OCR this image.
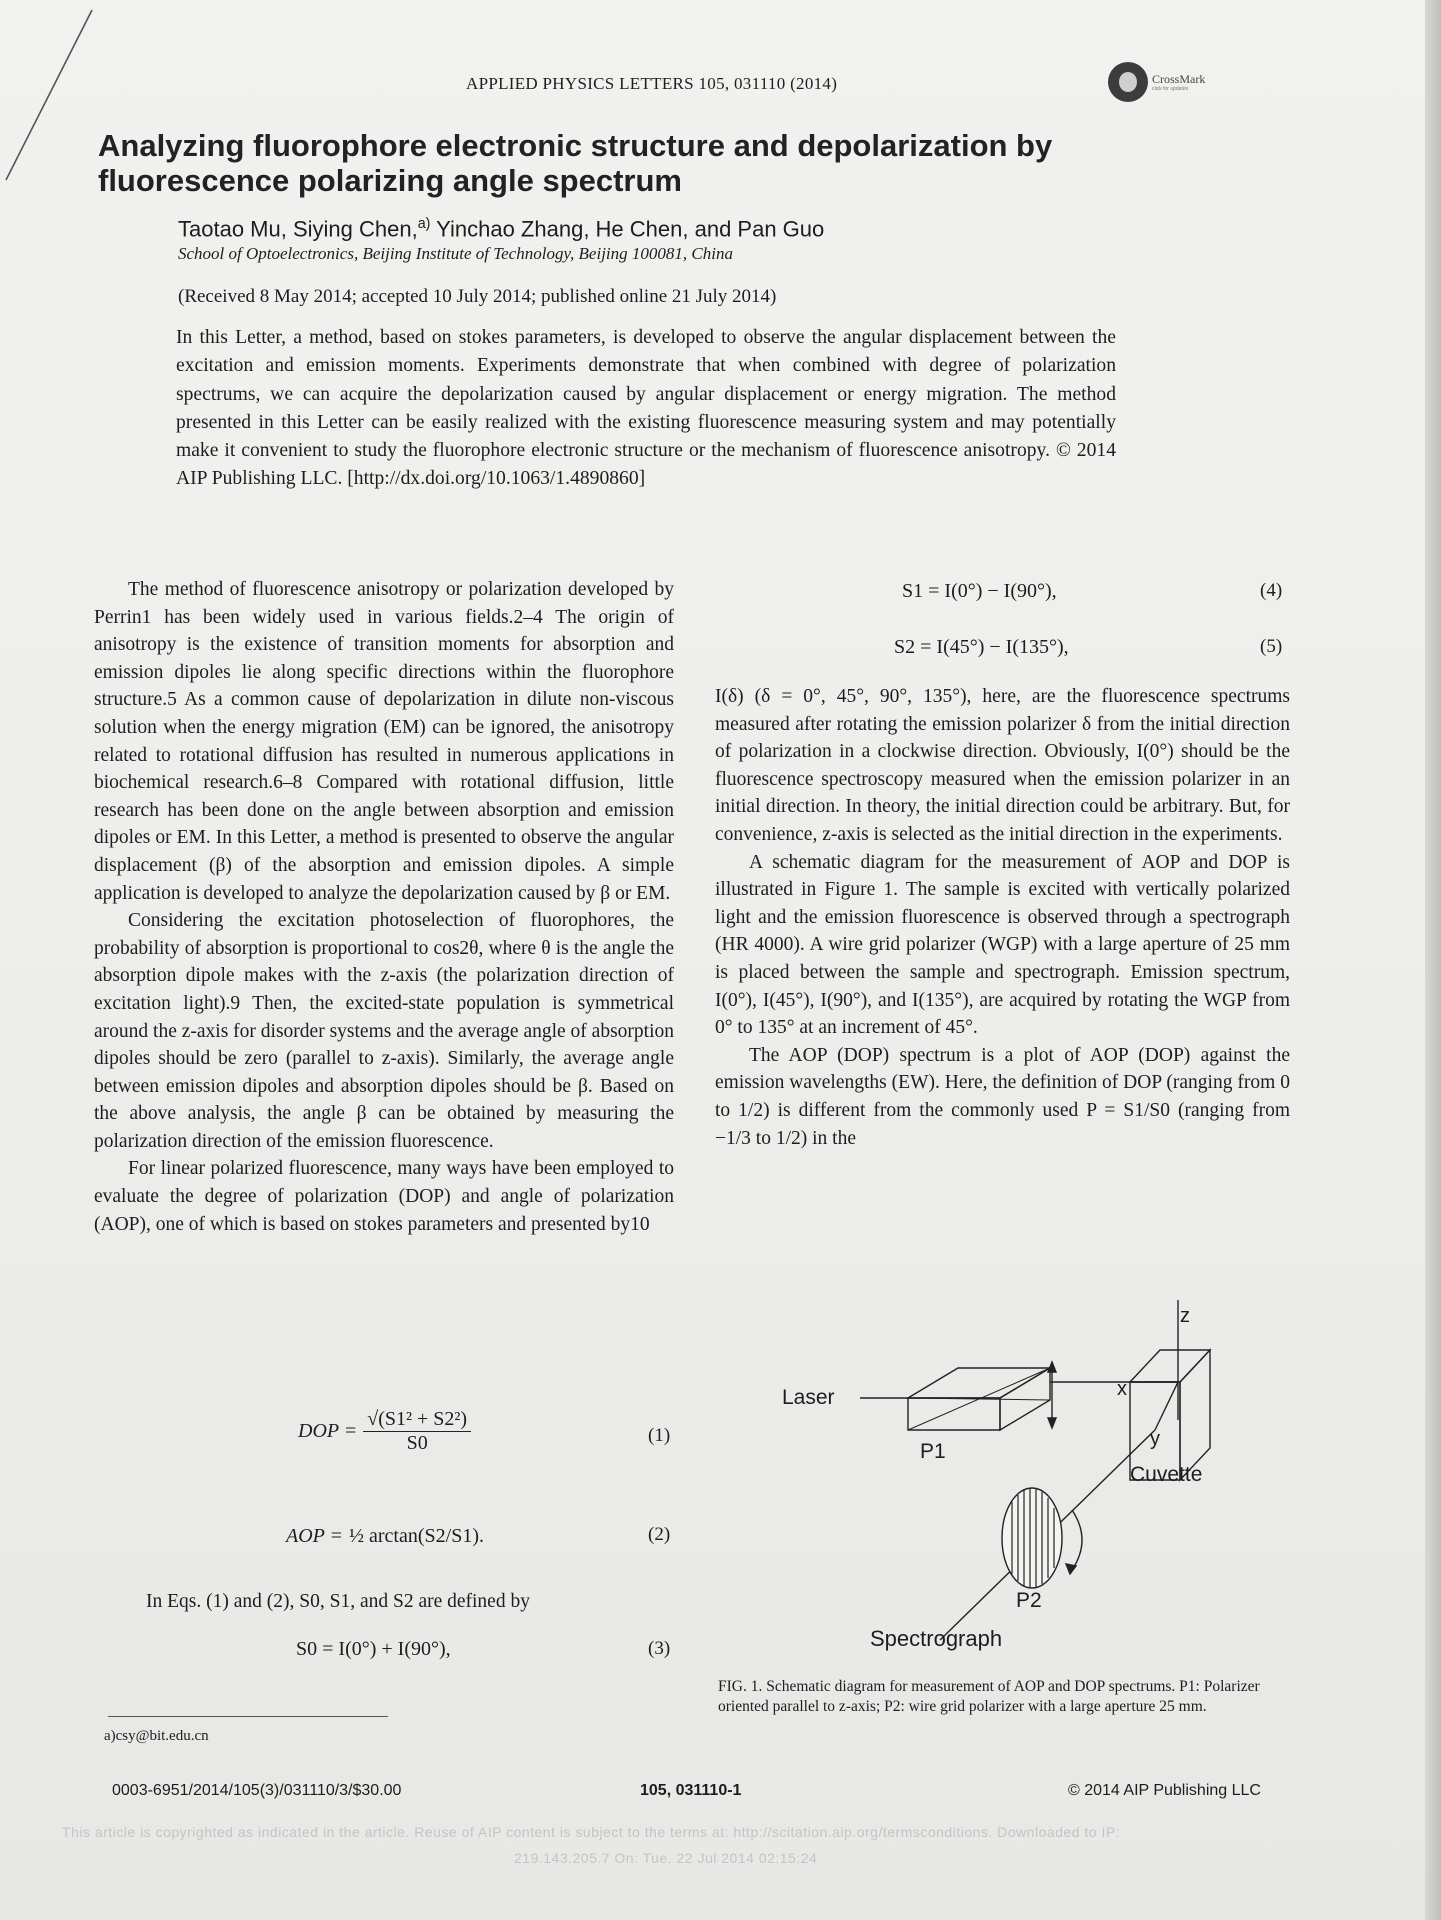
APPLIED PHYSICS LETTERS 105, 031110 (2014)	CrossMark
click for updates
Analyzing fluorophore electronic structure and depolarization by fluorescence polarizing angle spectrum
Taotao Mu, Siying Chen,$^{a)}$ Yinchao Zhang, He Chen, and Pan Guo
School of Optoelectronics, Beijing Institute of Technology, Beijing 100081, China
(Received 8 May 2014; accepted 10 July 2014; published online 21 July 2014)
In this Letter, a method, based on stokes parameters, is developed to observe the angular displacement between the excitation and emission moments. Experiments demonstrate that when combined with degree of polarization spectrums, we can acquire the depolarization caused by angular displacement or energy migration. The method presented in this Letter can be easily realized with the existing fluorescence measuring system and may potentially make it convenient to study the fluorophore electronic structure or the mechanism of fluorescence anisotropy. © 2014 AIP Publishing LLC. [http://dx.doi.org/10.1063/1.4890860]

The method of fluorescence anisotropy or polarization developed by Perrin1 has been widely used in various fields.2–4 The origin of anisotropy is the existence of transition moments for absorption and emission dipoles lie along specific directions within the fluorophore structure.5 As a common cause of depolarization in dilute non-viscous solution when the energy migration (EM) can be ignored, the anisotropy related to rotational diffusion has resulted in numerous applications in biochemical research.6–8 Compared with rotational diffusion, little research has been done on the angle between absorption and emission dipoles or EM. In this Letter, a method is presented to observe the angular displacement (β) of the absorption and emission dipoles. A simple application is developed to analyze the depolarization caused by β or EM.

Considering the excitation photoselection of fluorophores, the probability of absorption is proportional to cos2θ, where θ is the angle the absorption dipole makes with the z-axis (the polarization direction of excitation light).9 Then, the excited-state population is symmetrical around the z-axis for disorder systems and the average angle of absorption dipoles should be zero (parallel to z-axis). Similarly, the average angle between emission dipoles and absorption dipoles should be β. Based on the above analysis, the angle β can be obtained by measuring the polarization direction of the emission fluorescence.

For linear polarized fluorescence, many ways have been employed to evaluate the degree of polarization (DOP) and angle of polarization (AOP), one of which is based on stokes parameters and presented by10

DOP = $\frac{\text{√(S1² + S2²)}}{S0}$	(1)
AOP = ½ arctan(S2/S1).	(2)
In Eqs. (1) and (2), S0, S1, and S2 are defined by
S0 = I(0°) + I(90°),	(3)
S1 = I(0°) − I(90°),	(4)
S2 = I(45°) − I(135°),	(5)

I(δ) (δ = 0°, 45°, 90°, 135°), here, are the fluorescence spectrums measured after rotating the emission polarizer δ from the initial direction of polarization in a clockwise direction. Obviously, I(0°) should be the fluorescence spectroscopy measured when the emission polarizer in an initial direction. In theory, the initial direction could be arbitrary. But, for convenience, z-axis is selected as the initial direction in the experiments.

A schematic diagram for the measurement of AOP and DOP is illustrated in Figure 1. The sample is excited with vertically polarized light and the emission fluorescence is observed through a spectrograph (HR 4000). A wire grid polarizer (WGP) with a large aperture of 25 mm is placed between the sample and spectrograph. Emission spectrum, I(0°), I(45°), I(90°), and I(135°), are acquired by rotating the WGP from 0° to 135° at an increment of 45°.

The AOP (DOP) spectrum is a plot of AOP (DOP) against the emission wavelengths (EW). Here, the definition of DOP (ranging from 0 to 1/2) is different from the commonly used P = S1/S0 (ranging from −1/3 to 1/2) in the

Laser
P1
z
x
y
Cuvette
P2
Spectrograph
FIG. 1. Schematic diagram for measurement of AOP and DOP spectrums. P1: Polarizer oriented parallel to z-axis; P2: wire grid polarizer with a large aperture 25 mm.
a)csy@bit.edu.cn
0003-6951/2014/105(3)/031110/3/$30.00	105, 031110-1	© 2014 AIP Publishing LLC
This article is copyrighted as indicated in the article. Reuse of AIP content is subject to the terms at: http://scitation.aip.org/termsconditions. Downloaded to IP:
219.143.205.7 On: Tue, 22 Jul 2014 02:15:24
